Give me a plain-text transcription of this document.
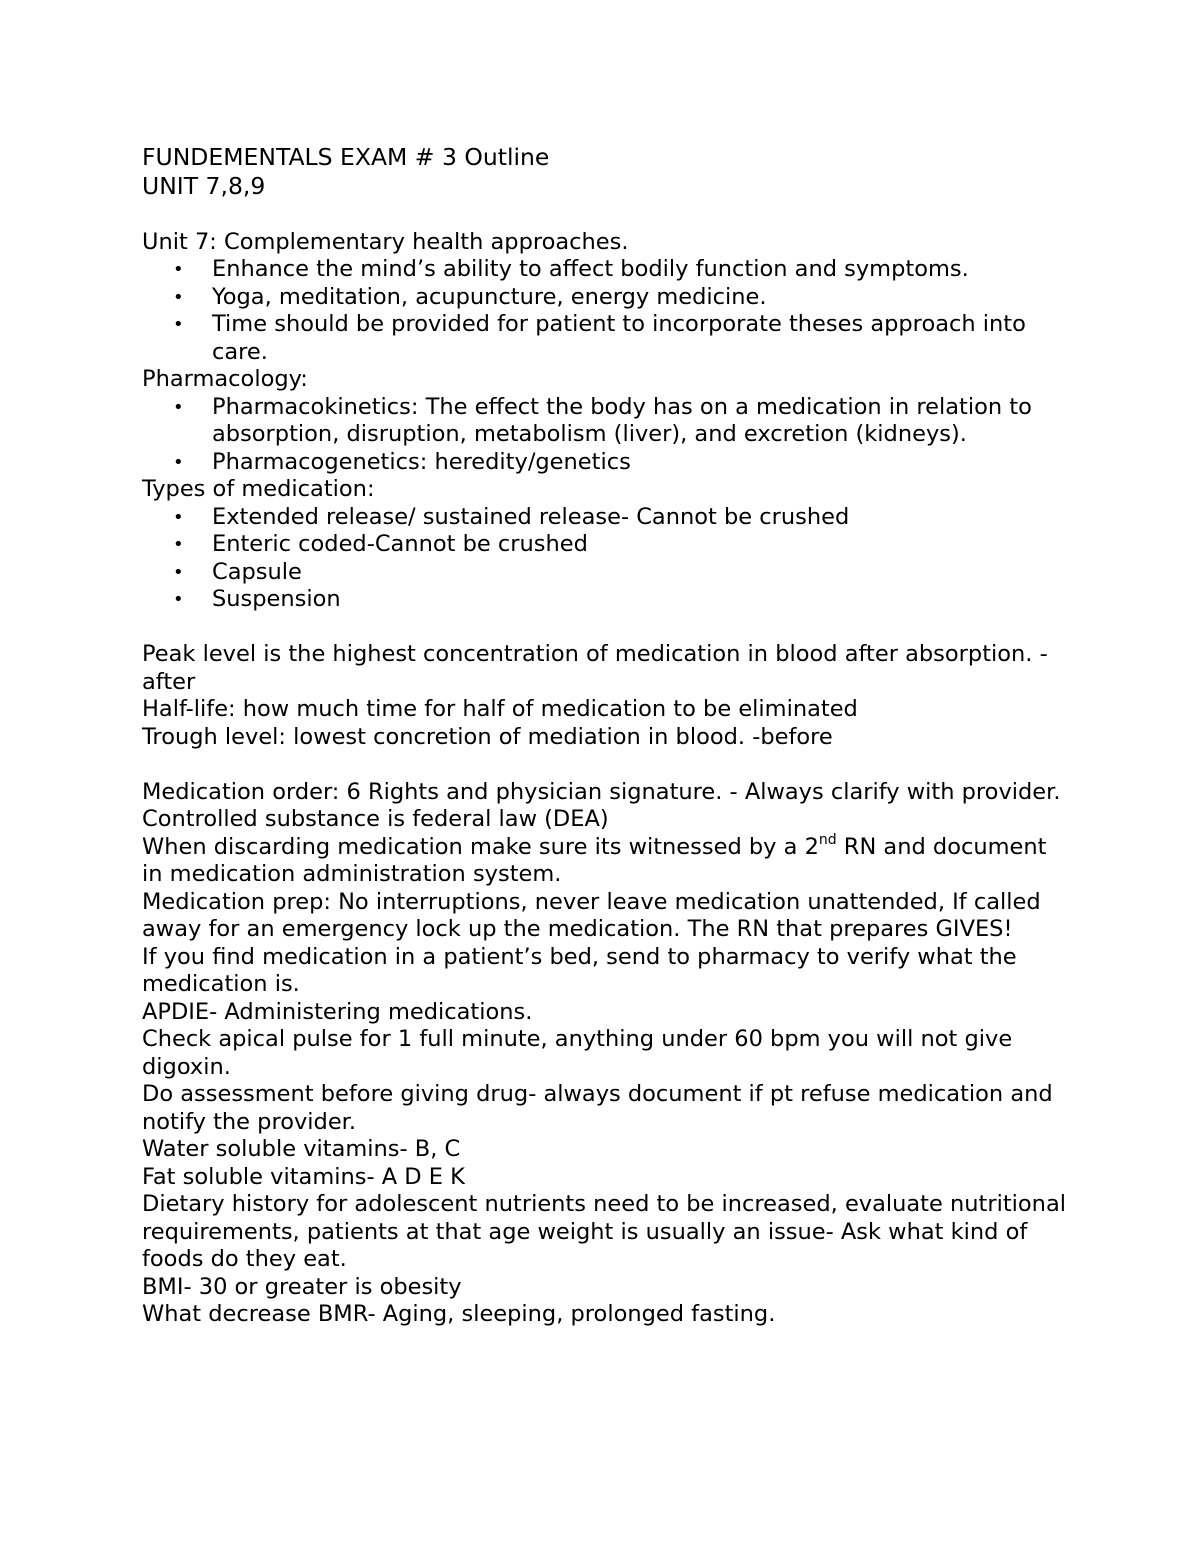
FUNDEMENTALS EXAM # 3 Outline

UNIT 7,8,9

Unit 7: Complementary health approaches.

• Enhance the mind’s ability to affect bodily function and symptoms.
• Yoga, meditation, acupuncture, energy medicine.
• Time should be provided for patient to incorporate theses approach into care.

Pharmacology:

• Pharmacokinetics: The effect the body has on a medication in relation to absorption, disruption, metabolism (liver), and excretion (kidneys).
• Pharmacogenetics: heredity/genetics

Types of medication:

• Extended release/ sustained release- Cannot be crushed
• Enteric coded-Cannot be crushed
• Capsule
• Suspension

Peak level is the highest concentration of medication in blood after absorption. -after

Half-life: how much time for half of medication to be eliminated

Trough level: lowest concretion of mediation in blood. -before

Medication order: 6 Rights and physician signature. - Always clarify with provider.

Controlled substance is federal law (DEA)

When discarding medication make sure its witnessed by a 2nd RN and document in medication administration system.

Medication prep: No interruptions, never leave medication unattended, If called away for an emergency lock up the medication. The RN that prepares GIVES!

If you find medication in a patient’s bed, send to pharmacy to verify what the medication is.

APDIE- Administering medications.

Check apical pulse for 1 full minute, anything under 60 bpm you will not give digoxin.

Do assessment before giving drug- always document if pt refuse medication and notify the provider.

Water soluble vitamins- B, C

Fat soluble vitamins- A D E K

Dietary history for adolescent nutrients need to be increased, evaluate nutritional requirements, patients at that age weight is usually an issue- Ask what kind of foods do they eat.

BMI- 30 or greater is obesity

What decrease BMR- Aging, sleeping, prolonged fasting.
